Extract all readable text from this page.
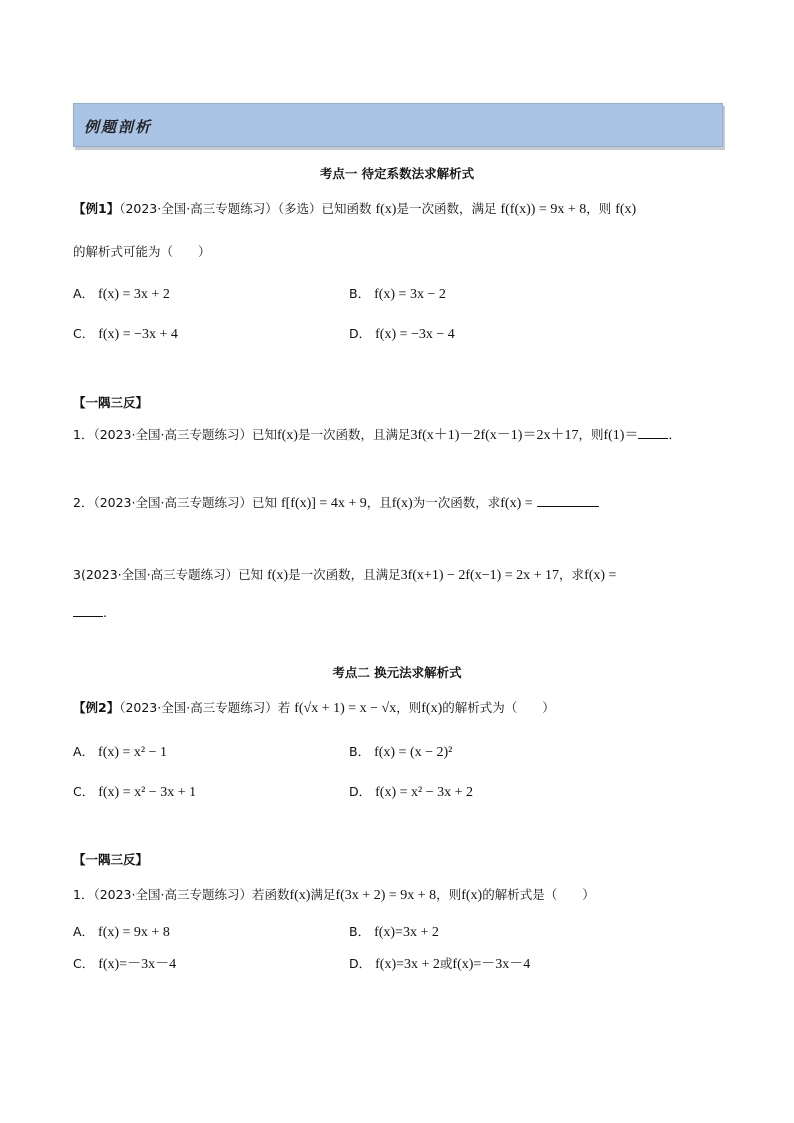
例题剖析
考点一 待定系数法求解析式
【例1】（2023·全国·高三专题练习）（多选）已知函数 f(x)是一次函数，满足 f(f(x)) = 9x + 8，则 f(x)
的解析式可能为（　　）
A． f(x) = 3x + 2	B． f(x) = 3x − 2
C． f(x) = −3x + 4	D． f(x) = −3x − 4
【一隅三反】
1．（2023·全国·高三专题练习）已知f(x)是一次函数，且满足3f(x＋1)－2f(x－1)＝2x＋17，则f(1)＝ ．
2．（2023·全国·高三专题练习）已知 f[f(x)] = 4x + 9，且f(x)为一次函数，求f(x) =
3(2023·全国·高三专题练习）已知 f(x)是一次函数，且满足3f(x+1) − 2f(x−1) = 2x + 17，求f(x) =
.
考点二 换元法求解析式
【例2】（2023·全国·高三专题练习）若 f(√x + 1) = x − √x，则f(x)的解析式为（　　）
A． f(x) = x² − 1	B． f(x) = (x − 2)²
C． f(x) = x² − 3x + 1	D． f(x) = x² − 3x + 2
【一隅三反】
1．（2023·全国·高三专题练习）若函数f(x)满足f(3x + 2) = 9x + 8，则f(x)的解析式是（　　）
A． f(x) = 9x + 8	B． f(x)=3x + 2
C． f(x)=－3x－4	D． f(x)=3x + 2或f(x)=－3x－4
